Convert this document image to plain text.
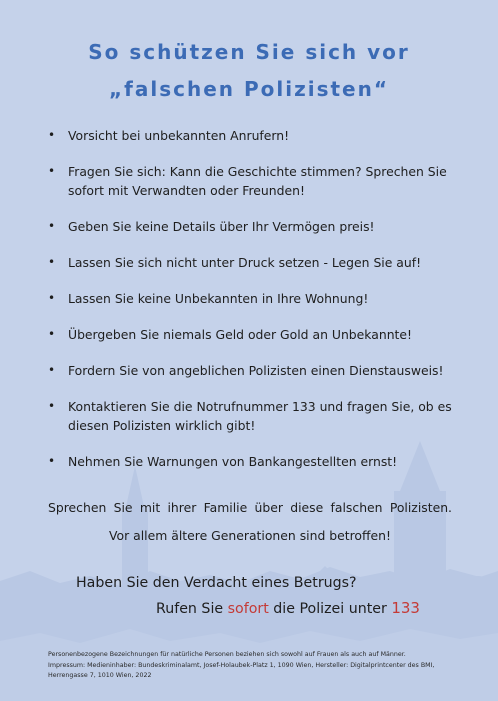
So schützen Sie sich vor
„falschen Polizisten“
• Vorsicht bei unbekannten Anrufern!
• Fragen Sie sich: Kann die Geschichte stimmen? Sprechen Sie sofort mit Verwandten oder Freunden!
• Geben Sie keine Details über Ihr Vermögen preis!
• Lassen Sie sich nicht unter Druck setzen - Legen Sie auf!
• Lassen Sie keine Unbekannten in Ihre Wohnung!
• Übergeben Sie niemals Geld oder Gold an Unbekannte!
• Fordern Sie von angeblichen Polizisten einen Dienstausweis!
• Kontaktieren Sie die Notrufnummer 133 und fragen Sie, ob es diesen Polizisten wirklich gibt!
• Nehmen Sie Warnungen von Bankangestellten ernst!
Sprechen Sie mit ihrer Familie über diese falschen Polizisten.
Vor allem ältere Generationen sind betroffen!
Haben Sie den Verdacht eines Betrugs?
Rufen Sie sofort die Polizei unter 133
Personenbezogene Bezeichnungen für natürliche Personen beziehen sich sowohl auf Frauen als auch auf Männer.
Impressum: Medieninhaber: Bundeskriminalamt, Josef-Holaubek-Platz 1, 1090 Wien, Hersteller: Digitalprintcenter des BMI, Herrengasse 7, 1010 Wien, 2022
